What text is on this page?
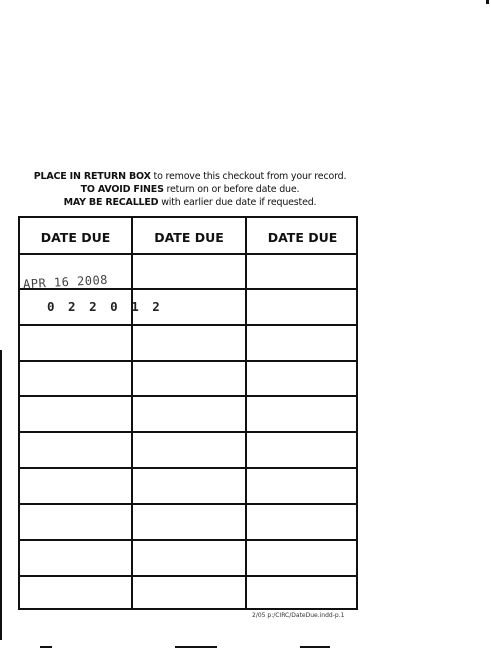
PLACE IN RETURN BOX to remove this checkout from your record.
TO AVOID FINES return on or before date due.
MAY BE RECALLED with earlier due date if requested.
DATE DUE	DATE DUE	DATE DUE
APR 16 2008
0 2 2 0 1 2
2/05 p:/CIRC/DateDue.indd-p.1
